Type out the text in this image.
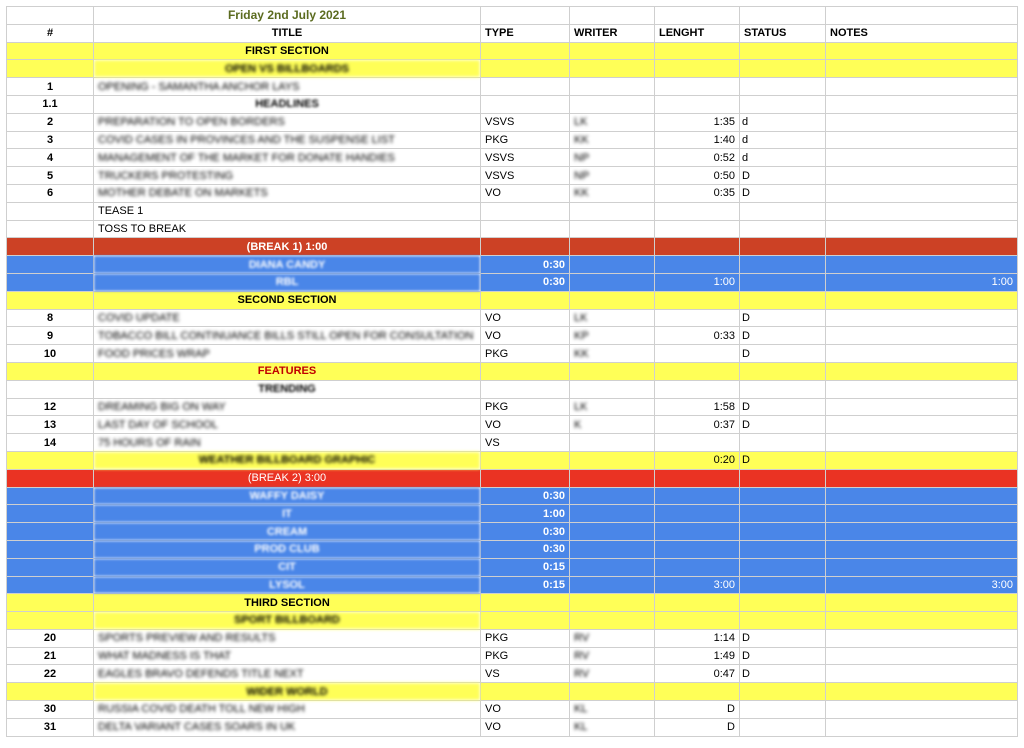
	Friday 2nd July 2021					
#	TITLE	TYPE	WRITER	LENGHT	STATUS	NOTES
	FIRST SECTION					
	OPEN VS BILLBOARDS					
1	OPENING - SAMANTHA ANCHOR LAYS					
1.1	HEADLINES					
2	PREPARATION TO OPEN BORDERS	VSVS	LK	1:35	d	
3	COVID CASES IN PROVINCES AND THE SUSPENSE LIST	PKG	KK	1:40	d	
4	MANAGEMENT OF THE MARKET FOR DONATE HANDIES	VSVS	NP	0:52	d	
5	TRUCKERS PROTESTING	VSVS	NP	0:50	D	
6	MOTHER DEBATE ON MARKETS	VO	KK	0:35	D	
	TEASE 1					
	TOSS TO BREAK					
	(BREAK 1) 1:00					
	DIANA CANDY	0:30				
	RBL	0:30		1:00		1:00
	SECOND SECTION					
8	COVID UPDATE	VO	LK		D	
9	TOBACCO BILL CONTINUANCE BILLS STILL OPEN FOR CONSULTATION	VO	KP	0:33	D	
10	FOOD PRICES WRAP	PKG	KK		D	
	FEATURES					
	TRENDING					
12	DREAMING BIG ON WAY	PKG	LK	1:58	D	
13	LAST DAY OF SCHOOL	VO	K	0:37	D	
14	75 HOURS OF RAIN	VS				
	WEATHER BILLBOARD GRAPHIC			0:20	D	
	(BREAK 2) 3:00					
	WAFFY DAISY	0:30				
	IT	1:00				
	CREAM	0:30				
	PROD CLUB	0:30				
	CIT	0:15				
	LYSOL	0:15		3:00		3:00
	THIRD SECTION					
	SPORT BILLBOARD					
20	SPORTS PREVIEW AND RESULTS	PKG	RV	1:14	D	
21	WHAT MADNESS IS THAT	PKG	RV	1:49	D	
22	EAGLES BRAVO DEFENDS TITLE NEXT	VS	RV	0:47	D	
	WIDER WORLD					
30	RUSSIA COVID DEATH TOLL NEW HIGH	VO	KL	D		
31	DELTA VARIANT CASES SOARS IN UK	VO	KL	D		
